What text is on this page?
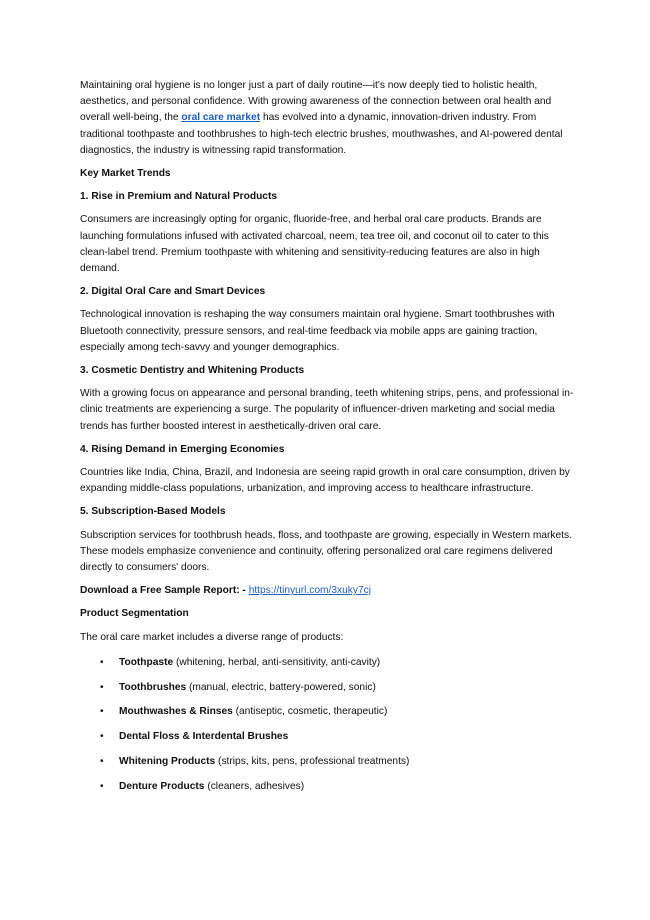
Maintaining oral hygiene is no longer just a part of daily routine—it's now deeply tied to holistic health, aesthetics, and personal confidence. With growing awareness of the connection between oral health and overall well-being, the oral care market has evolved into a dynamic, innovation-driven industry. From traditional toothpaste and toothbrushes to high-tech electric brushes, mouthwashes, and AI-powered dental diagnostics, the industry is witnessing rapid transformation.

Key Market Trends

1. Rise in Premium and Natural Products

Consumers are increasingly opting for organic, fluoride-free, and herbal oral care products. Brands are launching formulations infused with activated charcoal, neem, tea tree oil, and coconut oil to cater to this clean-label trend. Premium toothpaste with whitening and sensitivity-reducing features are also in high demand.

2. Digital Oral Care and Smart Devices

Technological innovation is reshaping the way consumers maintain oral hygiene. Smart toothbrushes with Bluetooth connectivity, pressure sensors, and real-time feedback via mobile apps are gaining traction, especially among tech-savvy and younger demographics.

3. Cosmetic Dentistry and Whitening Products

With a growing focus on appearance and personal branding, teeth whitening strips, pens, and professional in-clinic treatments are experiencing a surge. The popularity of influencer-driven marketing and social media trends has further boosted interest in aesthetically-driven oral care.

4. Rising Demand in Emerging Economies

Countries like India, China, Brazil, and Indonesia are seeing rapid growth in oral care consumption, driven by expanding middle-class populations, urbanization, and improving access to healthcare infrastructure.

5. Subscription-Based Models

Subscription services for toothbrush heads, floss, and toothpaste are growing, especially in Western markets. These models emphasize convenience and continuity, offering personalized oral care regimens delivered directly to consumers' doors.

Download a Free Sample Report: - https://tinyurl.com/3xuky7cj

Product Segmentation

The oral care market includes a diverse range of products:

• Toothpaste (whitening, herbal, anti-sensitivity, anti-cavity)
• Toothbrushes (manual, electric, battery-powered, sonic)
• Mouthwashes & Rinses (antiseptic, cosmetic, therapeutic)
• Dental Floss & Interdental Brushes
• Whitening Products (strips, kits, pens, professional treatments)
• Denture Products (cleaners, adhesives)
